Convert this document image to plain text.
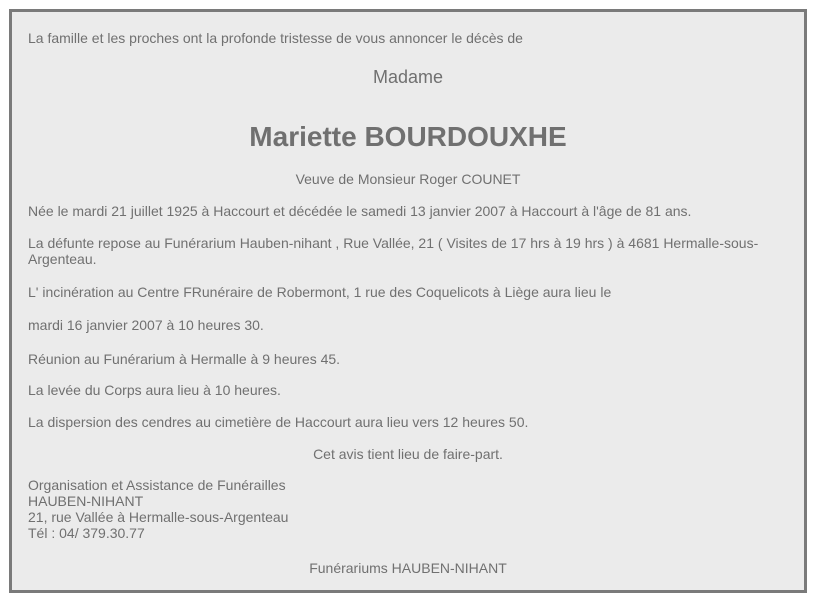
La famille et les proches ont la profonde tristesse de vous annoncer le décès de
Madame
Mariette BOURDOUXHE
Veuve de Monsieur Roger COUNET
Née le mardi 21 juillet 1925 à Haccourt et décédée le samedi 13 janvier 2007 à Haccourt à l'âge de 81 ans.
La défunte repose au Funérarium Hauben-nihant , Rue Vallée, 21 ( Visites de 17 hrs à 19 hrs ) à 4681 Hermalle-sous-Argenteau.
L' incinération au Centre FRunéraire de Robermont, 1 rue des Coquelicots à Liège aura lieu le
mardi 16 janvier 2007 à 10 heures 30.
Réunion au Funérarium à Hermalle à 9 heures 45.
La levée du Corps aura lieu à 10 heures.
La dispersion des cendres au cimetière de Haccourt aura lieu vers 12 heures 50.
Cet avis tient lieu de faire-part.
Organisation et Assistance de Funérailles
HAUBEN-NIHANT
21, rue Vallée à Hermalle-sous-Argenteau
Tél : 04/ 379.30.77
Funérariums HAUBEN-NIHANT
